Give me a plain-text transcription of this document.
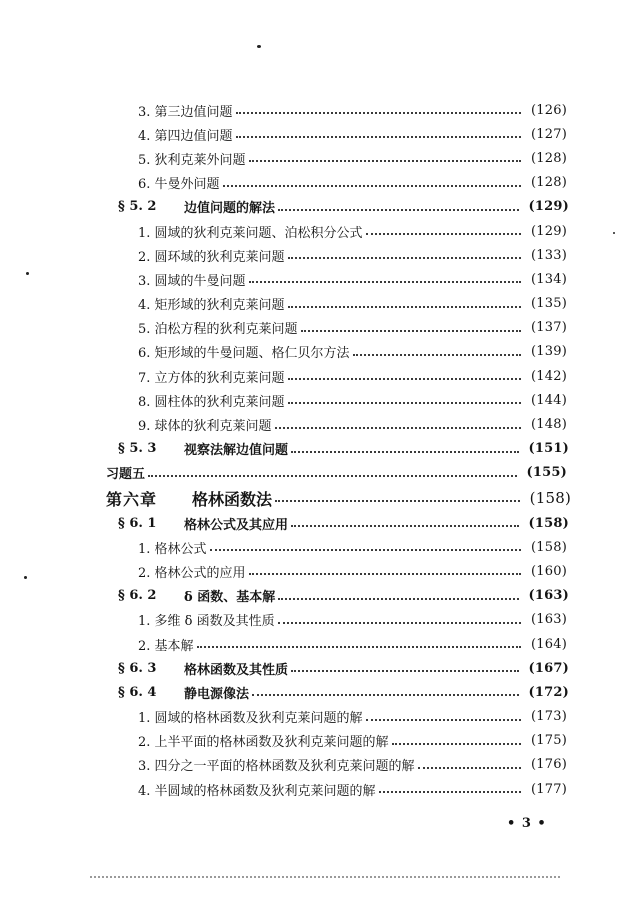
3. 第三边值问题	(126)
4. 第四边值问题	(127)
5. 狄利克莱外问题	(128)
6. 牛曼外问题	(128)
§ 5. 2	边值问题的解法	(129)
1. 圆域的狄利克莱问题、泊松积分公式	(129)
2. 圆环域的狄利克莱问题	(133)
3. 圆域的牛曼问题	(134)
4. 矩形域的狄利克莱问题	(135)
5. 泊松方程的狄利克莱问题	(137)
6. 矩形域的牛曼问题、格仁贝尔方法	(139)
7. 立方体的狄利克莱问题	(142)
8. 圆柱体的狄利克莱问题	(144)
9. 球体的狄利克莱问题	(148)
§ 5. 3	视察法解边值问题	(151)
习题五	(155)
第六章	格林函数法	(158)
§ 6. 1	格林公式及其应用	(158)
1. 格林公式	(158)
2. 格林公式的应用	(160)
§ 6. 2	δ 函数、基本解	(163)
1. 多维 δ 函数及其性质	(163)
2. 基本解	(164)
§ 6. 3	格林函数及其性质	(167)
§ 6. 4	静电源像法	(172)
1. 圆域的格林函数及狄利克莱问题的解	(173)
2. 上半平面的格林函数及狄利克莱问题的解	(175)
3. 四分之一平面的格林函数及狄利克莱问题的解	(176)
4. 半圆域的格林函数及狄利克莱问题的解	(177)
• 3 •
